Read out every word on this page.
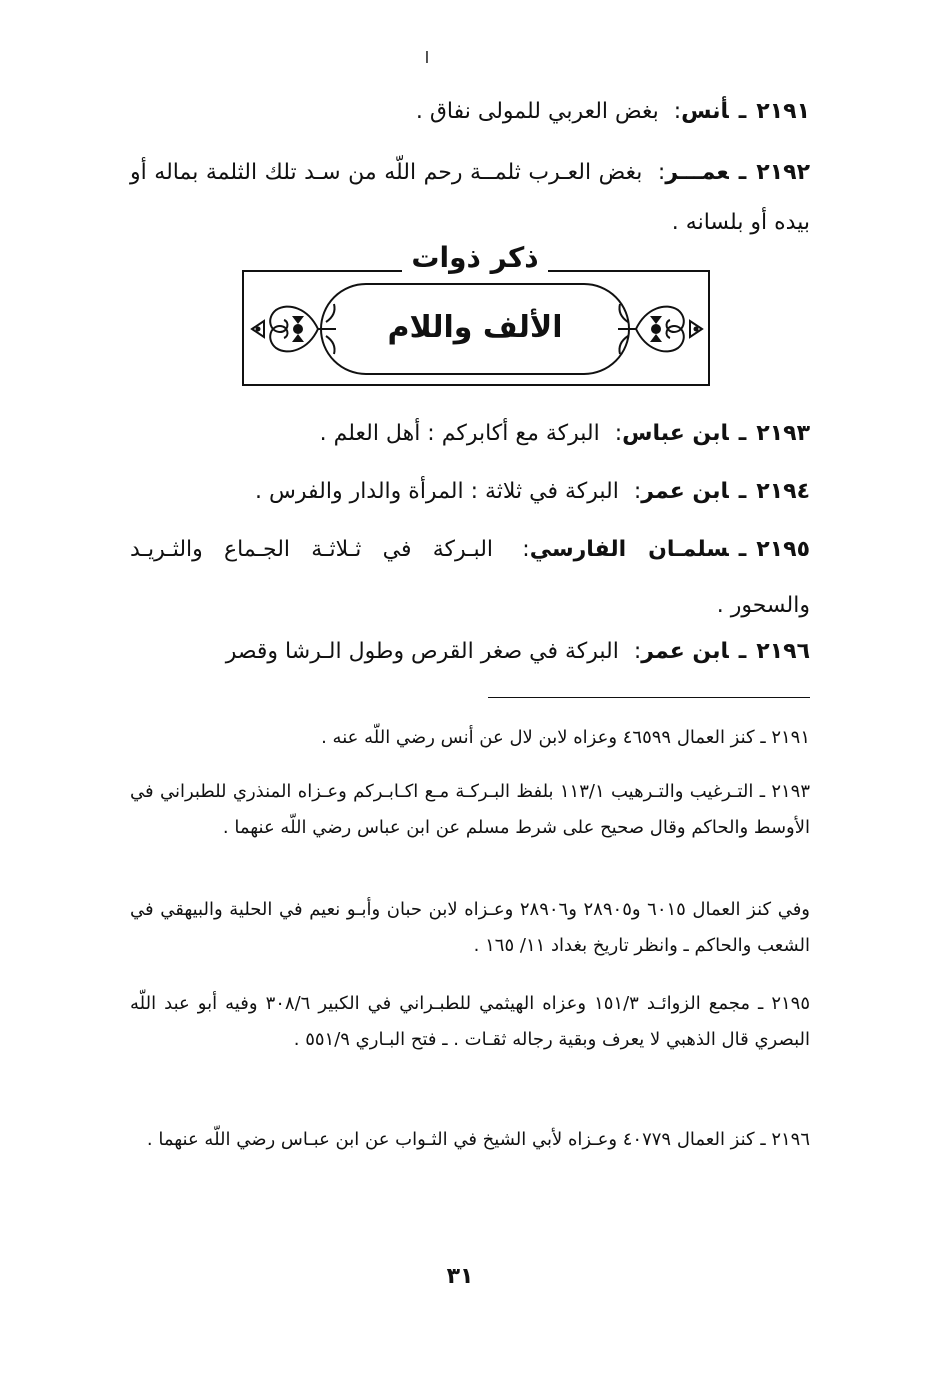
ا
٢١٩١ـأنس: بغض العربي للمولى نفاق .
٢١٩٢ـعمـــر: بغض العـرب ثلمــة رحم اللّه من سـد تلك الثلمة بماله أو بيده أو بلسانه .
ذكر ذوات
الألف واللام
٢١٩٣ـابن عباس: البركة مع أكابركم : أهل العلم .
٢١٩٤ـابن عمر: البركة في ثلاثة : المرأة والدار والفرس .
٢١٩٥ـسلمـان الفارسي: البـركة في ثـلاثـة الجـماع والثـريـد والسحور .
٢١٩٦ـابن عمر: البركة في صغر القرص وطول الـرشا وقصر
٢١٩١ ـ كنز العمال ٤٦٥٩٩ وعزاه لابن لال عن أنس رضي اللّه عنه .
٢١٩٣ ـ التـرغيب والتـرهيب ١١٣/١ بلفظ البـركـة مـع اكـابـركم وعـزاه المنذري للطبراني في الأوسط والحاكم وقال صحيح على شرط مسلم عن ابن عباس رضي اللّه عنهما .
وفي كنز العمال ٦٠١٥ و٢٨٩٠٥ و٢٨٩٠٦ وعـزاه لابن حبان وأبـو نعيم في الحلية والبيهقي في الشعب والحاكم ـ وانظر تاريخ بغداد ١١/ ١٦٥ .
٢١٩٥ ـ مجمع الزوائـد ١٥١/٣ وعزاه الهيثمي للطبـراني في الكبير ٣٠٨/٦ وفيه أبو عبد اللّه البصري قال الذهبي لا يعرف وبقية رجاله ثقـات . ـ فتح البـاري ٥٥١/٩ .
٢١٩٦ ـ كنز العمال ٤٠٧٧٩ وعـزاه لأبي الشيخ في الثـواب عن ابن عبـاس رضي اللّه عنهما .
٣١
